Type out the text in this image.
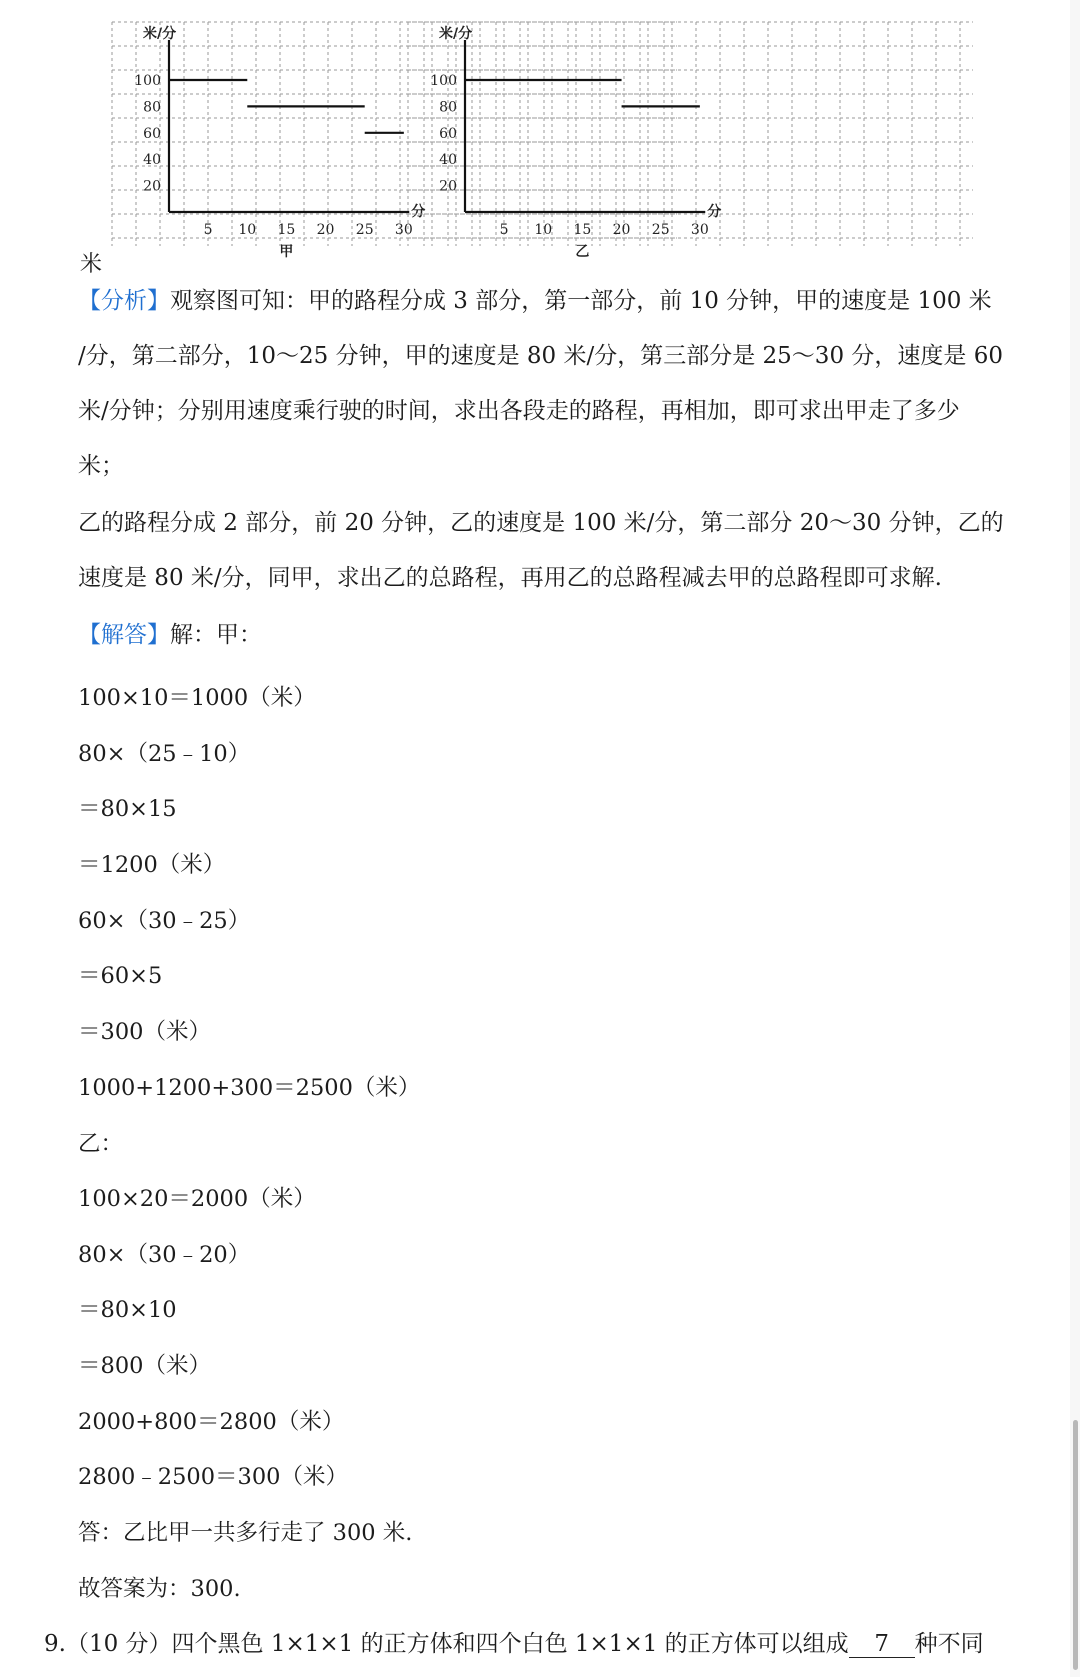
米/分
分
20
40
60
80
100
5 10 15 20 25 30
甲
米/分
分
20
40
60
80
100
5 10 15 20 25 30
乙
米
【分析】观察图可知：甲的路程分成 3 部分，第一部分，前 10 分钟，甲的速度是 100 米
/分，第二部分，10～25 分钟，甲的速度是 80 米/分，第三部分是 25～30 分，速度是 60
米/分钟；分别用速度乘行驶的时间，求出各段走的路程，再相加，即可求出甲走了多少
米；
乙的路程分成 2 部分，前 20 分钟，乙的速度是 100 米/分，第二部分 20～30 分钟，乙的
速度是 80 米/分，同甲，求出乙的总路程，再用乙的总路程减去甲的总路程即可求解.
【解答】解：甲：
100×10＝1000（米）
80×（25﹣10）
＝80×15
＝1200（米）
60×（30﹣25）
＝60×5
＝300（米）
1000+1200+300＝2500（米）
乙：
100×20＝2000（米）
80×（30﹣20）
＝80×10
＝800（米）
2000+800＝2800（米）
2800﹣2500＝300（米）
答：乙比甲一共多行走了 300 米.
故答案为：300.
9.（10 分）四个黑色 1×1×1 的正方体和四个白色 1×1×1 的正方体可以组成 7 种不同
